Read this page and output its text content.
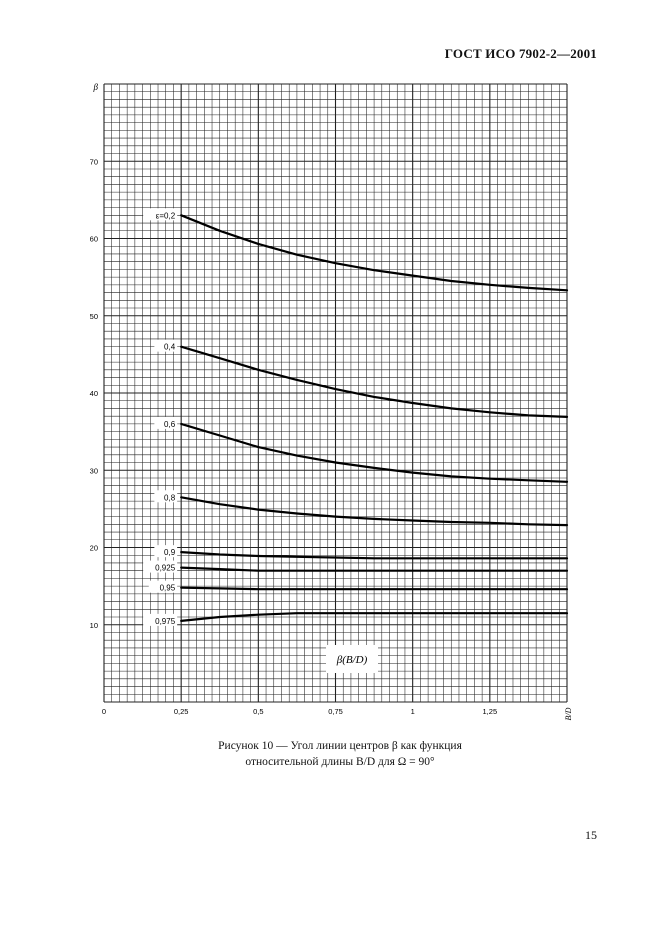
ГОСТ ИСО 7902-2—2001
ε=0,2
0,4
0,6
0,8
0,9
0,925
0,95
0,975
β(B/D)
10
20
30
40
50
60
70
β
0	0,25	0,5	0,75	1	1,25	B/D
Рисунок 10 — Угол линии центров β как функция
относительной длины B/D для Ω = 90°
15
